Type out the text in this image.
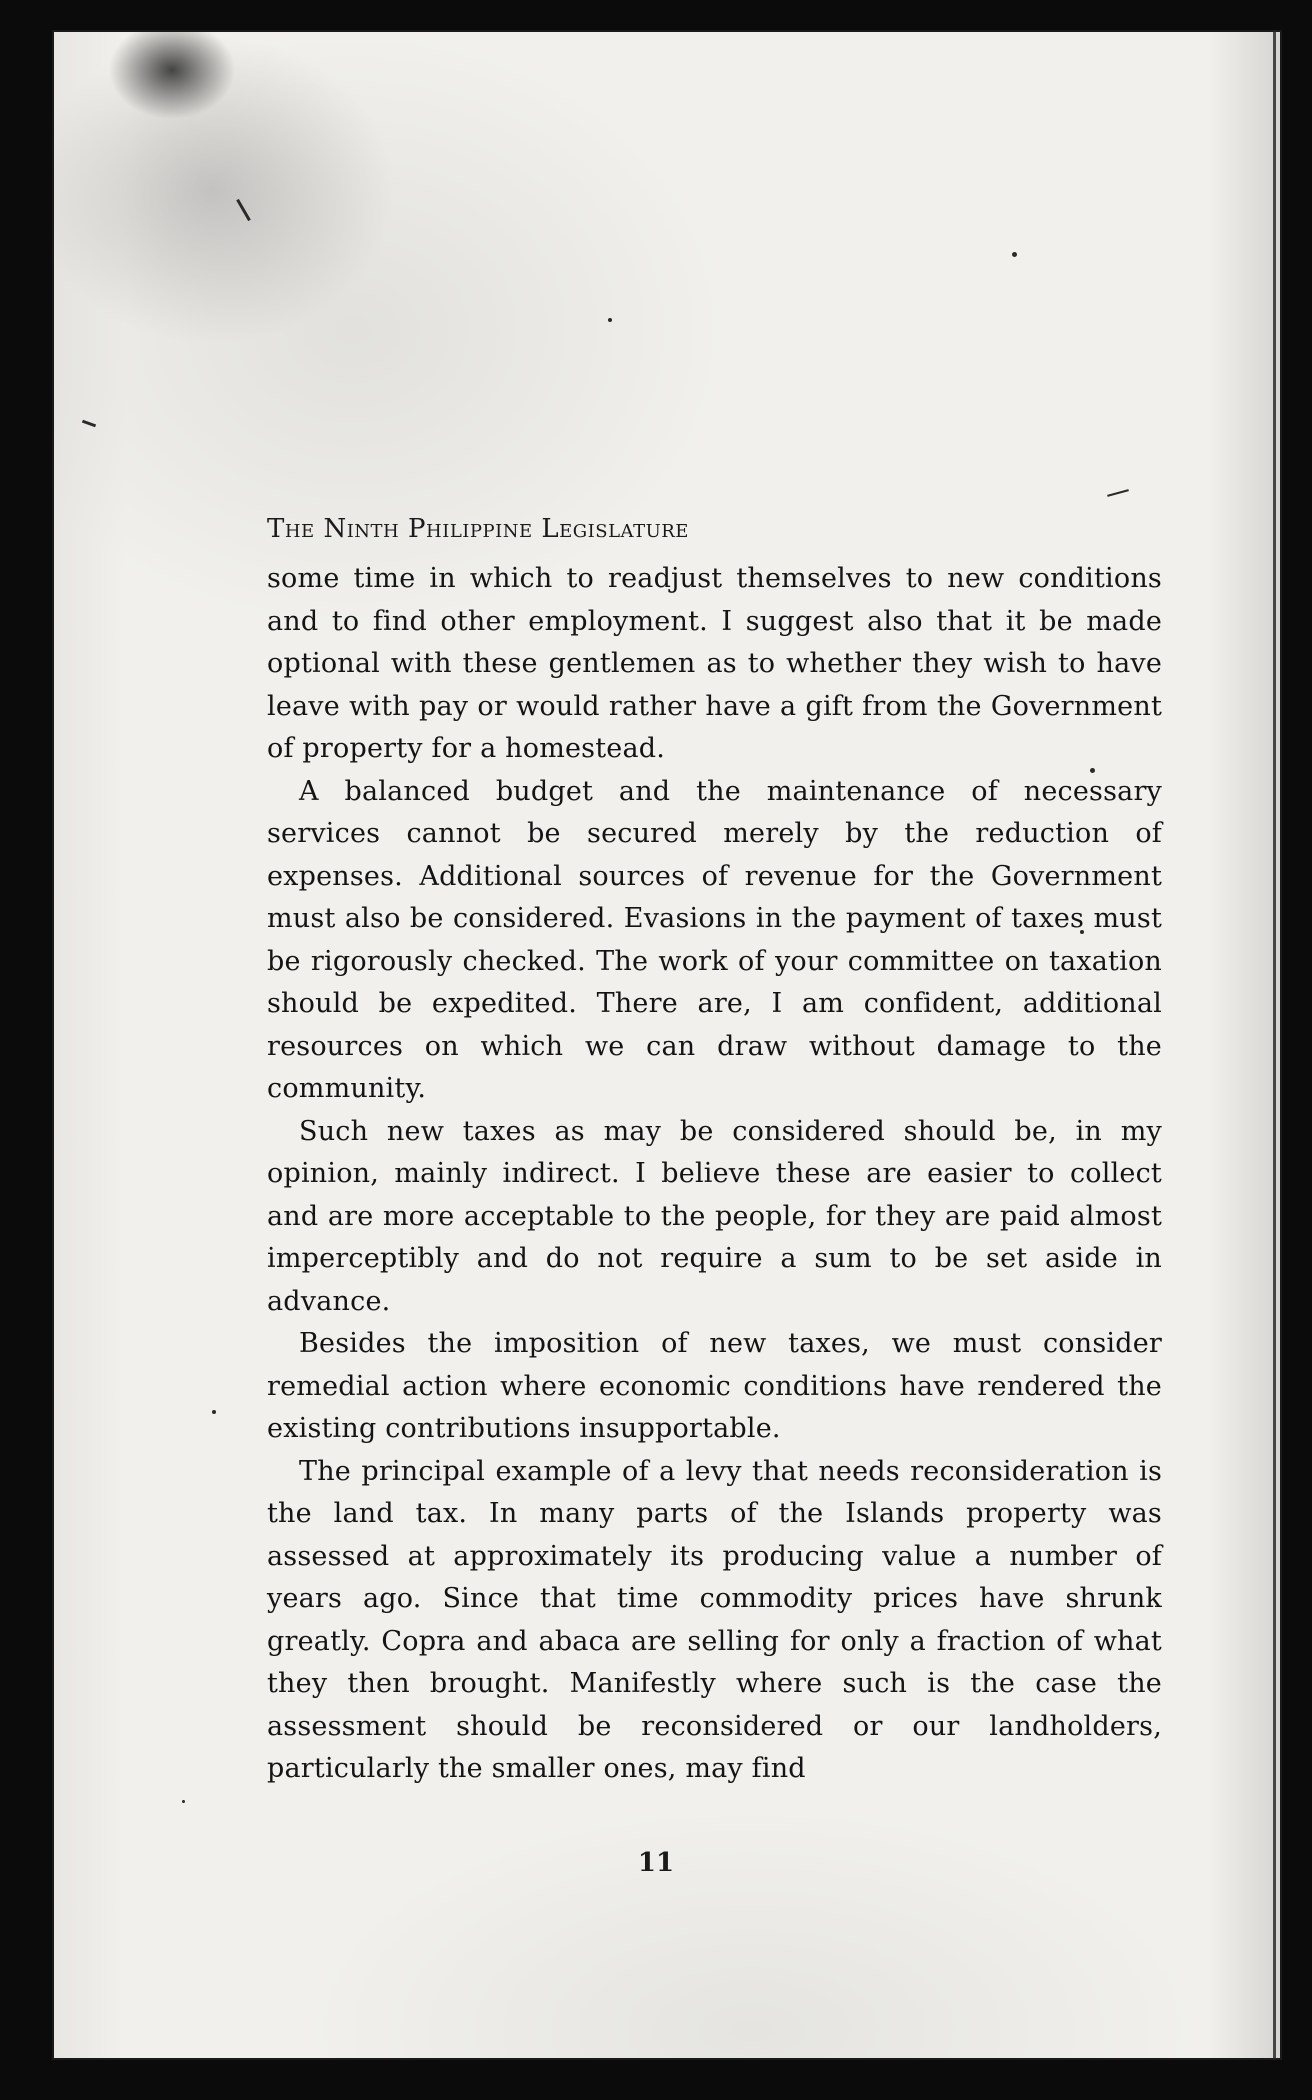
The Ninth Philippine Legislature

some time in which to readjust themselves to new conditions and to find other employment. I suggest also that it be made optional with these gentlemen as to whether they wish to have leave with pay or would rather have a gift from the Government of property for a homestead.

A balanced budget and the maintenance of necessary services cannot be secured merely by the reduction of expenses. Additional sources of revenue for the Government must also be considered. Evasions in the payment of taxes must be rigorously checked. The work of your committee on taxation should be expedited. There are, I am confident, additional resources on which we can draw without damage to the community.

Such new taxes as may be considered should be, in my opinion, mainly indirect. I believe these are easier to collect and are more acceptable to the people, for they are paid almost imperceptibly and do not require a sum to be set aside in advance.

Besides the imposition of new taxes, we must consider remedial action where economic conditions have rendered the existing contributions insupportable.

The principal example of a levy that needs reconsideration is the land tax. In many parts of the Islands property was assessed at approximately its producing value a number of years ago. Since that time commodity prices have shrunk greatly. Copra and abaca are selling for only a fraction of what they then brought. Manifestly where such is the case the assessment should be reconsidered or our landholders, particularly the smaller ones, may find

11
